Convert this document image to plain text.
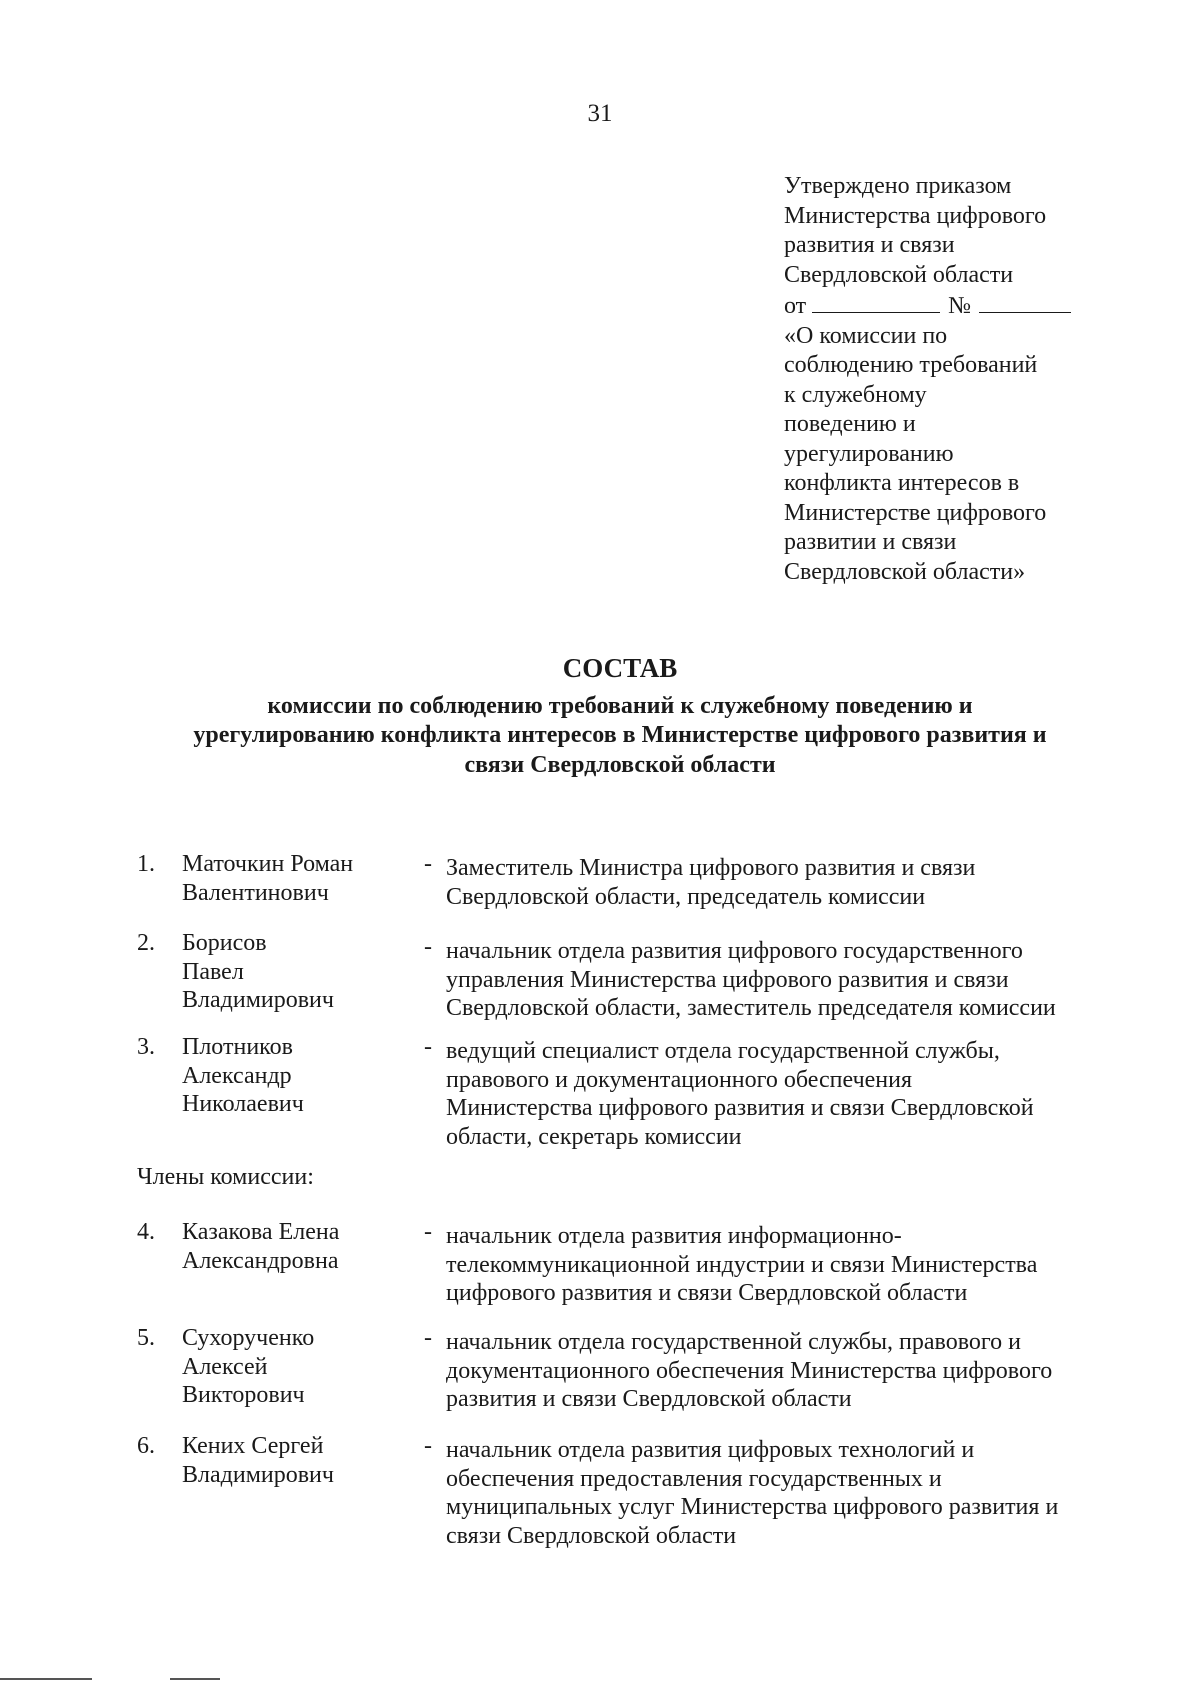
31
Утверждено приказом
Министерства цифрового
развития и связи
Свердловской области
от	№
«О комиссии по
соблюдению требований
к служебному
поведению и
урегулированию
конфликта интересов в
Министерстве цифрового
развитии и связи
Свердловской области»
СОСТАВ
комиссии по соблюдению требований к служебному поведению и
урегулированию конфликта интересов в Министерстве цифрового развития и
связи Свердловской области
1. Маточкин Роман
Валентинович
- Заместитель Министра цифрового развития и связи
Свердловской области, председатель комиссии
2. Борисов
Павел
Владимирович
- начальник отдела развития цифрового государственного
управления Министерства цифрового развития и связи
Свердловской области, заместитель председателя комиссии
3. Плотников
Александр
Николаевич
- ведущий специалист отдела государственной службы,
правового и документационного обеспечения
Министерства цифрового развития и связи Свердловской
области, секретарь комиссии
Члены комиссии:
4. Казакова Елена
Александровна
- начальник отдела развития информационно-
телекоммуникационной индустрии и связи Министерства
цифрового развития и связи Свердловской области
5. Сухорученко
Алексей
Викторович
- начальник отдела государственной службы, правового и
документационного обеспечения Министерства цифрового
развития и связи Свердловской области
6. Кених Сергей
Владимирович
- начальник отдела развития цифровых технологий и
обеспечения предоставления государственных и
муниципальных услуг Министерства цифрового развития и
связи Свердловской области
